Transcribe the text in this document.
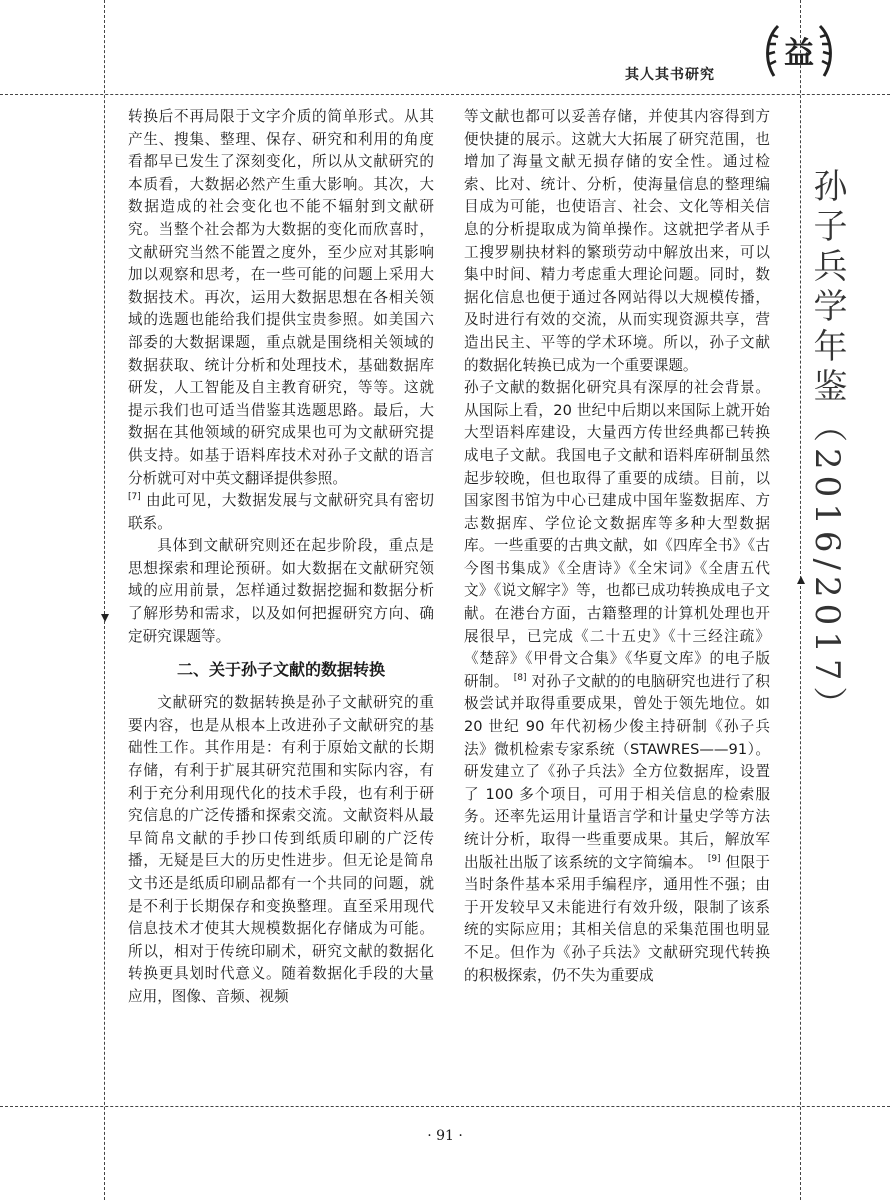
其人其书研究
益

转换后不再局限于文字介质的简单形式。从其产生、搜集、整理、保存、研究和利用的角度看都早已发生了深刻变化，所以从文献研究的本质看，大数据必然产生重大影响。其次，大数据造成的社会变化也不能不辐射到文献研究。当整个社会都为大数据的变化而欣喜时，文献研究当然不能置之度外，至少应对其影响加以观察和思考，在一些可能的问题上采用大数据技术。再次，运用大数据思想在各相关领域的选题也能给我们提供宝贵参照。如美国六部委的大数据课题，重点就是围绕相关领域的数据获取、统计分析和处理技术，基础数据库研发，人工智能及自主教育研究，等等。这就提示我们也可适当借鉴其选题思路。最后，大数据在其他领域的研究成果也可为文献研究提供支持。如基于语料库技术对孙子文献的语言分析就可对中英文翻译提供参照。

[7]

由此可见，大数据发展与文献研究具有密切联系。

具体到文献研究则还在起步阶段，重点是思想探索和理论预研。如大数据在文献研究领域的应用前景，怎样通过数据挖掘和数据分析了解形势和需求，以及如何把握研究方向、确定研究课题等。

二、关于孙子文献的数据转换

文献研究的数据转换是孙子文献研究的重要内容，也是从根本上改进孙子文献研究的基础性工作。其作用是：有利于原始文献的长期存储，有利于扩展其研究范围和实际内容，有利于充分利用现代化的技术手段，也有利于研究信息的广泛传播和探索交流。文献资料从最早简帛文献的手抄口传到纸质印刷的广泛传播，无疑是巨大的历史性进步。但无论是简帛文书还是纸质印刷品都有一个共同的问题，就是不利于长期保存和变换整理。直至采用现代信息技术才使其大规模数据化存储成为可能。所以，相对于传统印刷术，研究文献的数据化转换更具划时代意义。随着数据化手段的大量应用，图像、音频、视频

等文献也都可以妥善存储，并使其内容得到方便快捷的展示。这就大大拓展了研究范围，也增加了海量文献无损存储的安全性。通过检索、比对、统计、分析，使海量信息的整理编目成为可能，也使语言、社会、文化等相关信息的分析提取成为简单操作。这就把学者从手工搜罗剔抉材料的繁琐劳动中解放出来，可以集中时间、精力考虑重大理论问题。同时，数据化信息也便于通过各网站得以大规模传播，及时进行有效的交流，从而实现资源共享，营造出民主、平等的学术环境。所以，孙子文献的数据化转换已成为一个重要课题。

孙子文献的数据化研究具有深厚的社会背景。从国际上看，20 世纪中后期以来国际上就开始大型语料库建设，大量西方传世经典都已转换成电子文献。我国电子文献和语料库研制虽然起步较晚，但也取得了重要的成绩。目前，以国家图书馆为中心已建成中国年鉴数据库、方志数据库、学位论文数据库等多种大型数据库。一些重要的古典文献，如《四库全书》《古今图书集成》《全唐诗》《全宋词》《全唐五代文》《说文解字》等，也都已成功转换成电子文献。在港台方面，古籍整理的计算机处理也开展很早，已完成《二十五史》《十三经注疏》《楚辞》《甲骨文合集》《华夏文库》的电子版研制。 [8] 对孙子文献的的电脑研究也进行了积极尝试并取得重要成果，曾处于领先地位。如 20 世纪 90 年代初杨少俊主持研制《孙子兵法》微机检索专家系统（STAWRES——91）。研发建立了《孙子兵法》全方位数据库，设置了 100 多个项目，可用于相关信息的检索服务。还率先运用计量语言学和计量史学等方法统计分析，取得一些重要成果。其后，解放军出版社出版了该系统的文字简编本。 [9] 但限于当时条件基本采用手编程序，通用性不强；由于开发较早又未能进行有效升级，限制了该系统的实际应用；其相关信息的采集范围也明显不足。但作为《孙子兵法》文献研究现代转换的积极探索，仍不失为重要成
孙子兵学年鉴（2016/2017）
· 91 ·
